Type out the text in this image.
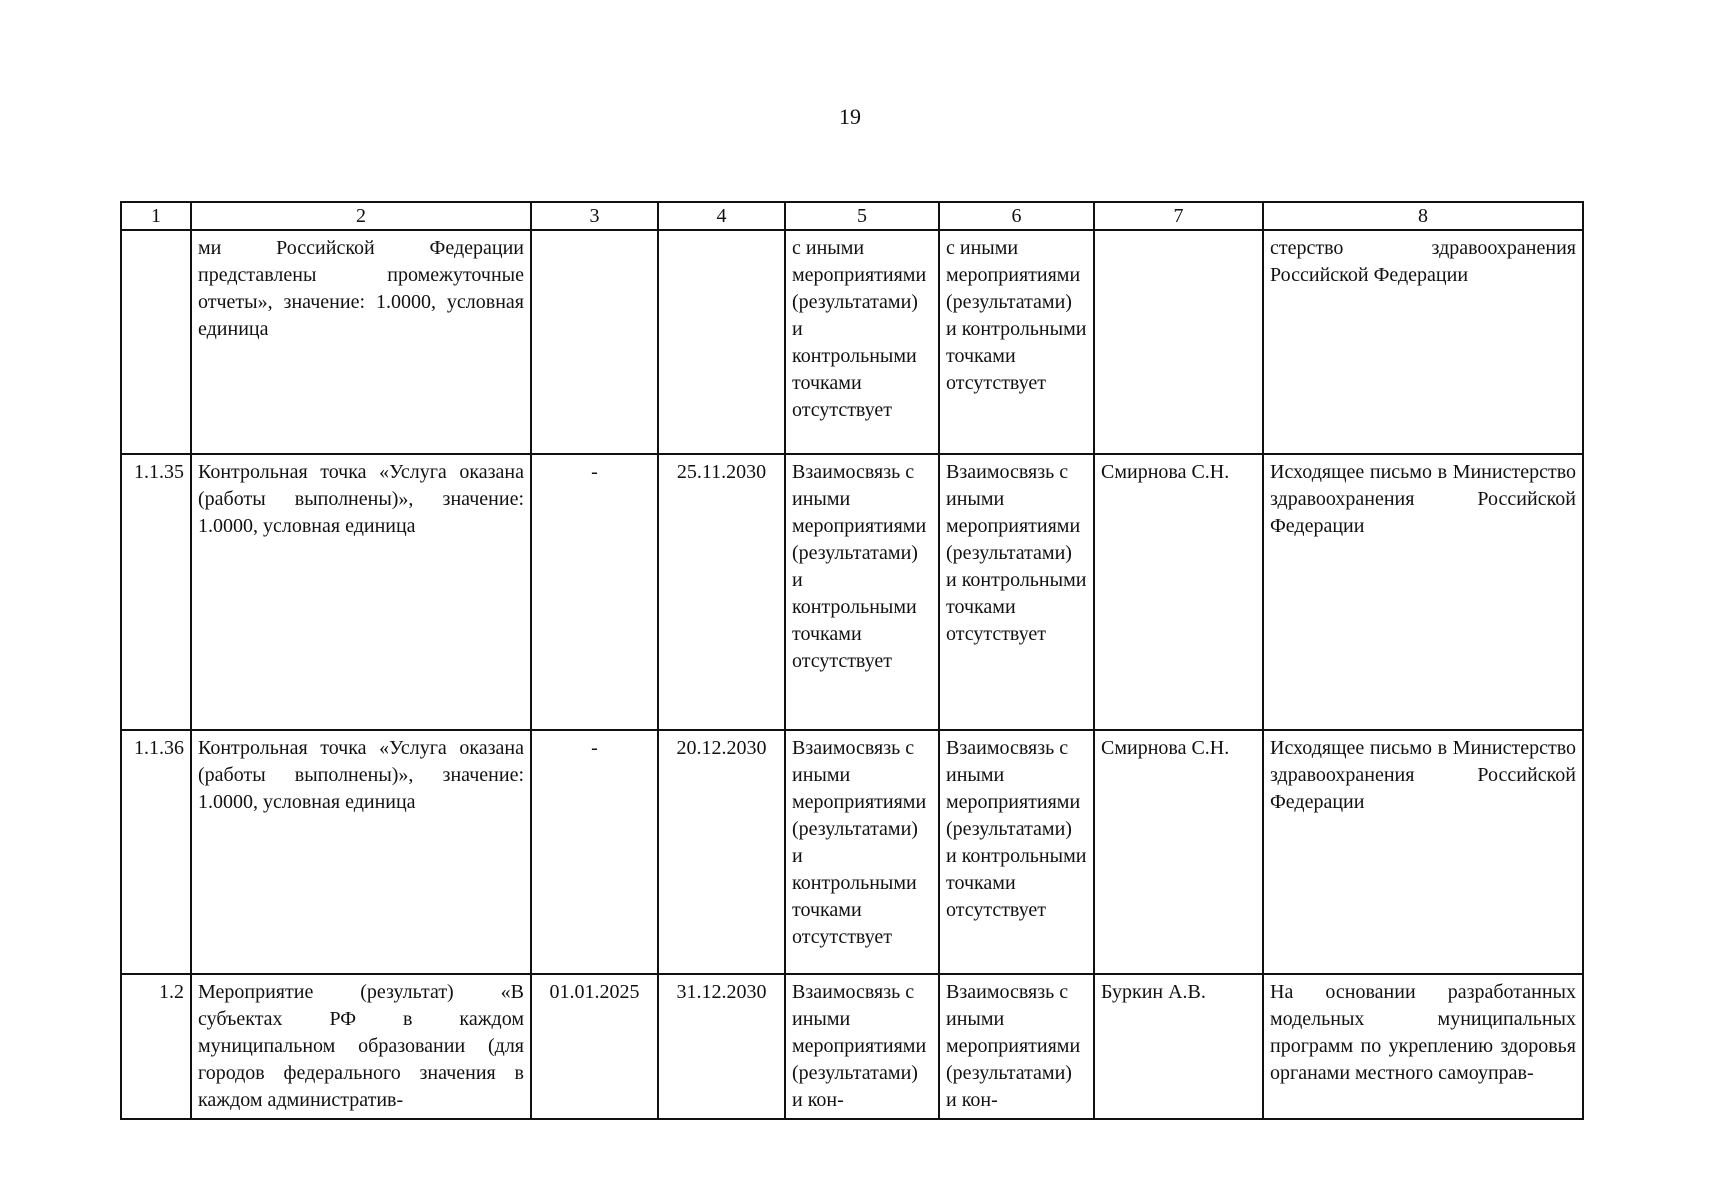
19
1	2	3	4	5	6	7	8
	ми Российской Федерации представлены промежуточные отчеты», значение: 1.0000, условная единица			с иными мероприятиями (результатами) и контрольными точками отсутствует	с иными мероприятиями (результатами) и контрольными точками отсутствует		стерство здравоохранения Российской Федерации
1.1.35	Контрольная точка «Услуга оказана (работы выполнены)», значение: 1.0000, условная единица	-	25.11.2030	Взаимосвязь с иными мероприятиями (результатами) и контрольными точками отсутствует	Взаимосвязь с иными мероприятиями (результатами) и контрольными точками отсутствует	Смирнова С.Н.	Исходящее письмо в Министерство здравоохранения Российской Федерации
1.1.36	Контрольная точка «Услуга оказана (работы выполнены)», значение: 1.0000, условная единица	-	20.12.2030	Взаимосвязь с иными мероприятиями (результатами) и контрольными точками отсутствует	Взаимосвязь с иными мероприятиями (результатами) и контрольными точками отсутствует	Смирнова С.Н.	Исходящее письмо в Министерство здравоохранения Российской Федерации
1.2	Мероприятие (результат) «В субъектах РФ в каждом муниципальном образовании (для городов федерального значения в каждом административ-	01.01.2025	31.12.2030	Взаимосвязь с иными мероприятиями (результатами) и кон-	Взаимосвязь с иными мероприятиями (результатами) и кон-	Буркин А.В.	На основании разработанных модельных муниципальных программ по укреплению здоровья органами местного самоуправ-
